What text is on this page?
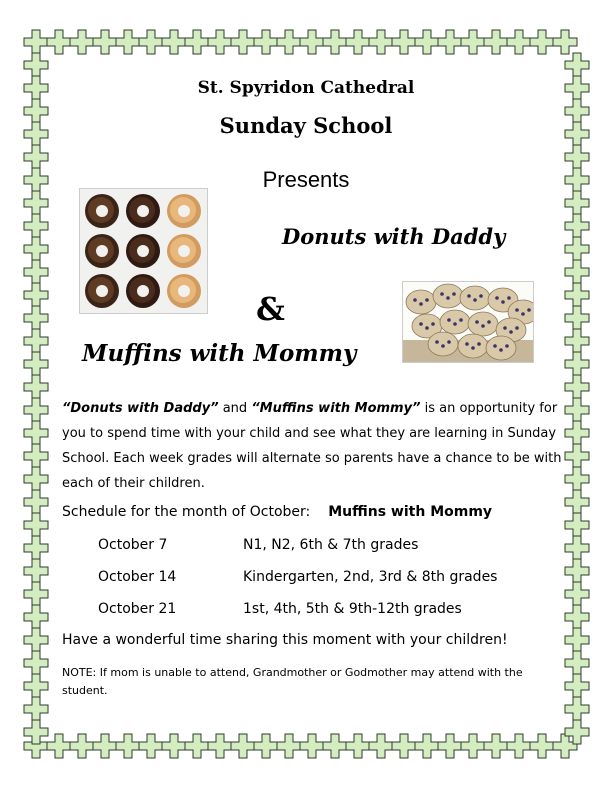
St. Spyridon Cathedral
Sunday School
Presents
Donuts with Daddy
&
Muffins with Mommy
“Donuts with Daddy” and “Muffins with Mommy” is an opportunity for you to spend time with your child and see what they are learning in Sunday School. Each week grades will alternate so parents have a chance to be with each of their children.
Schedule for the month of October: Muffins with Mommy
October 7	N1, N2, 6th & 7th grades
October 14	Kindergarten, 2nd, 3rd & 8th grades
October 21	1st, 4th, 5th & 9th-12th grades
Have a wonderful time sharing this moment with your children!
NOTE: If mom is unable to attend, Grandmother or Godmother may attend with the student.
